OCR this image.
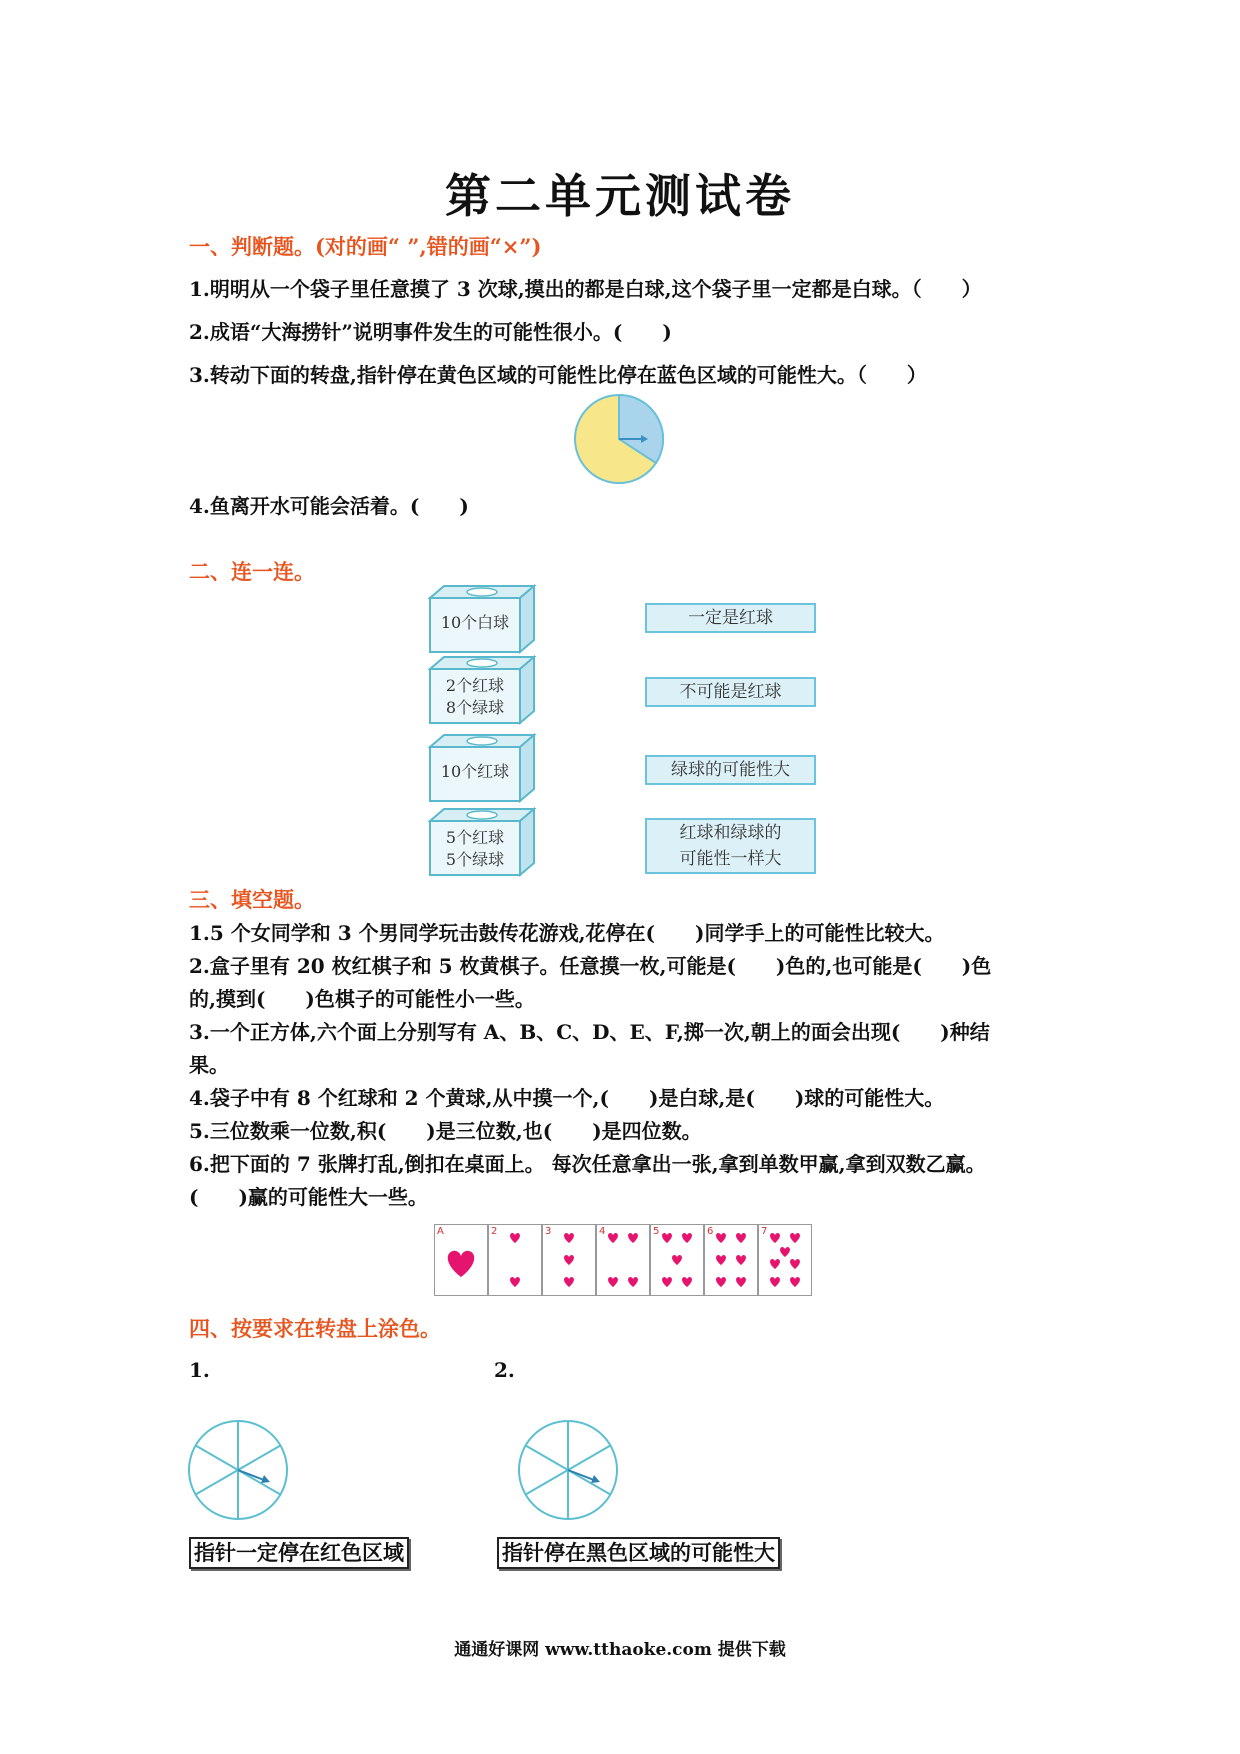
第二单元测试卷
一、判断题。(对的画“ ”,错的画“×”)
1.明明从一个袋子里任意摸了 3 次球,摸出的都是白球,这个袋子里一定都是白球。（　　）
2.成语“大海捞针”说明事件发生的可能性很小。(　　)
3.转动下面的转盘,指针停在黄色区域的可能性比停在蓝色区域的可能性大。（　　）
4.鱼离开水可能会活着。(　　)
二、连一连。
10个白球
2个红球
8个绿球
10个红球
5个红球
5个绿球
一定是红球
不可能是红球
绿球的可能性大
红球和绿球的
可能性一样大
三、填空题。
1.5 个女同学和 3 个男同学玩击鼓传花游戏,花停在(　　)同学手上的可能性比较大。
2.盒子里有 20 枚红棋子和 5 枚黄棋子。任意摸一枚,可能是(　　)色的,也可能是(　　)色
的,摸到(　　)色棋子的可能性小一些。
3.一个正方体,六个面上分别写有 A、B、C、D、E、F,掷一次,朝上的面会出现(　　)种结
果。
4.袋子中有 8 个红球和 2 个黄球,从中摸一个,(　　)是白球,是(　　)球的可能性大。
5.三位数乘一位数,积(　　)是三位数,也(　　)是四位数。
6.把下面的 7 张牌打乱,倒扣在桌面上。 每次任意拿出一张,拿到单数甲赢,拿到双数乙赢。
(　　)赢的可能性大一些。
A	2	3	4	5	6	7
四、按要求在转盘上涂色。
1.	2.
指针一定停在红色区域	指针停在黑色区域的可能性大
通通好课网 www.tthaoke.com 提供下载
